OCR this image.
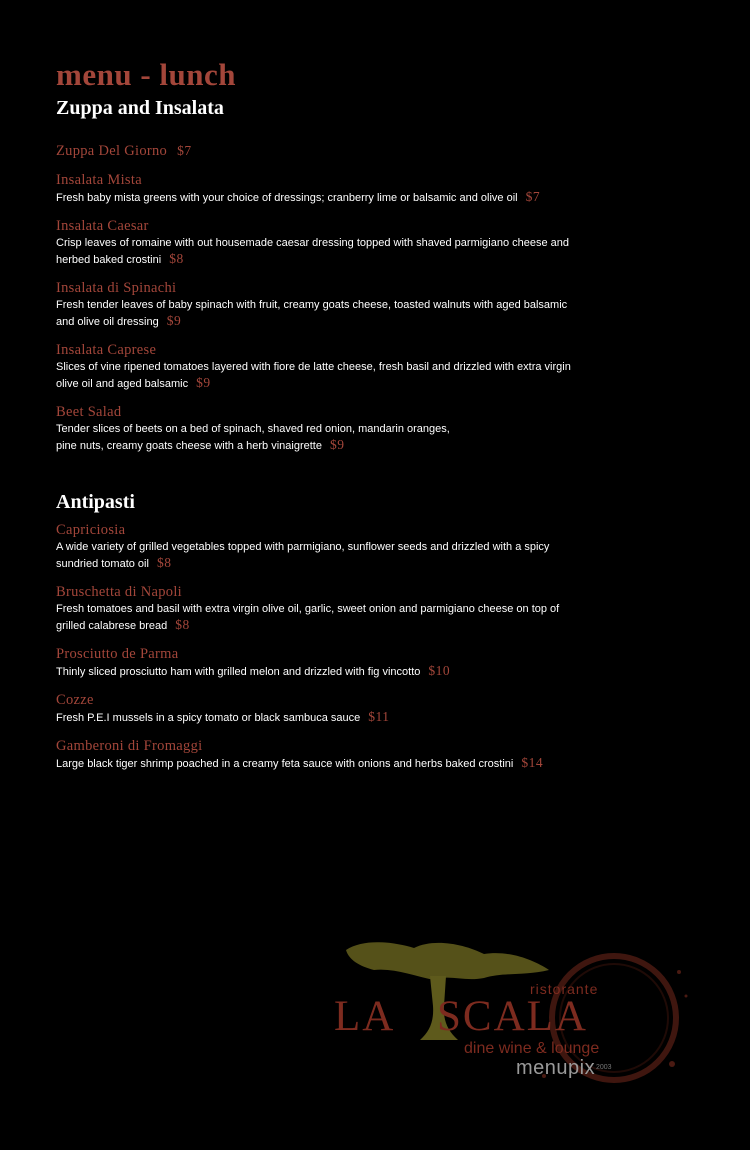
menu - lunch
Zuppa and Insalata
Zuppa Del Giorno $7
Insalata Mista
Fresh baby mista greens with your choice of dressings; cranberry lime or balsamic and olive oil $7
Insalata Caesar
Crisp leaves of romaine with out housemade caesar dressing topped with shaved parmigiano cheese and herbed baked crostini $8
Insalata di Spinachi
Fresh tender leaves of baby spinach with fruit, creamy goats cheese, toasted walnuts with aged balsamic and olive oil dressing $9
Insalata Caprese
Slices of vine ripened tomatoes layered with fiore de latte cheese, fresh basil and drizzled with extra virgin olive oil and aged balsamic $9
Beet Salad
Tender slices of beets on a bed of spinach, shaved red onion, mandarin oranges,
pine nuts, creamy goats cheese with a herb vinaigrette $9
Antipasti
Capriciosia
A wide variety of grilled vegetables topped with parmigiano, sunflower seeds and drizzled with a spicy sundried tomato oil $8
Bruschetta di Napoli
Fresh tomatoes and basil with extra virgin olive oil, garlic, sweet onion and parmigiano cheese on top of grilled calabrese bread $8
Prosciutto de Parma
Thinly sliced prosciutto ham with grilled melon and drizzled with fig vincotto $10
Cozze
Fresh P.E.I mussels in a spicy tomato or black sambuca sauce $11
Gamberoni di Fromaggi
Large black tiger shrimp poached in a creamy feta sauce with onions and herbs baked crostini $14
ristorante
LA SCALA
dine wine & lounge
menupix 2003
